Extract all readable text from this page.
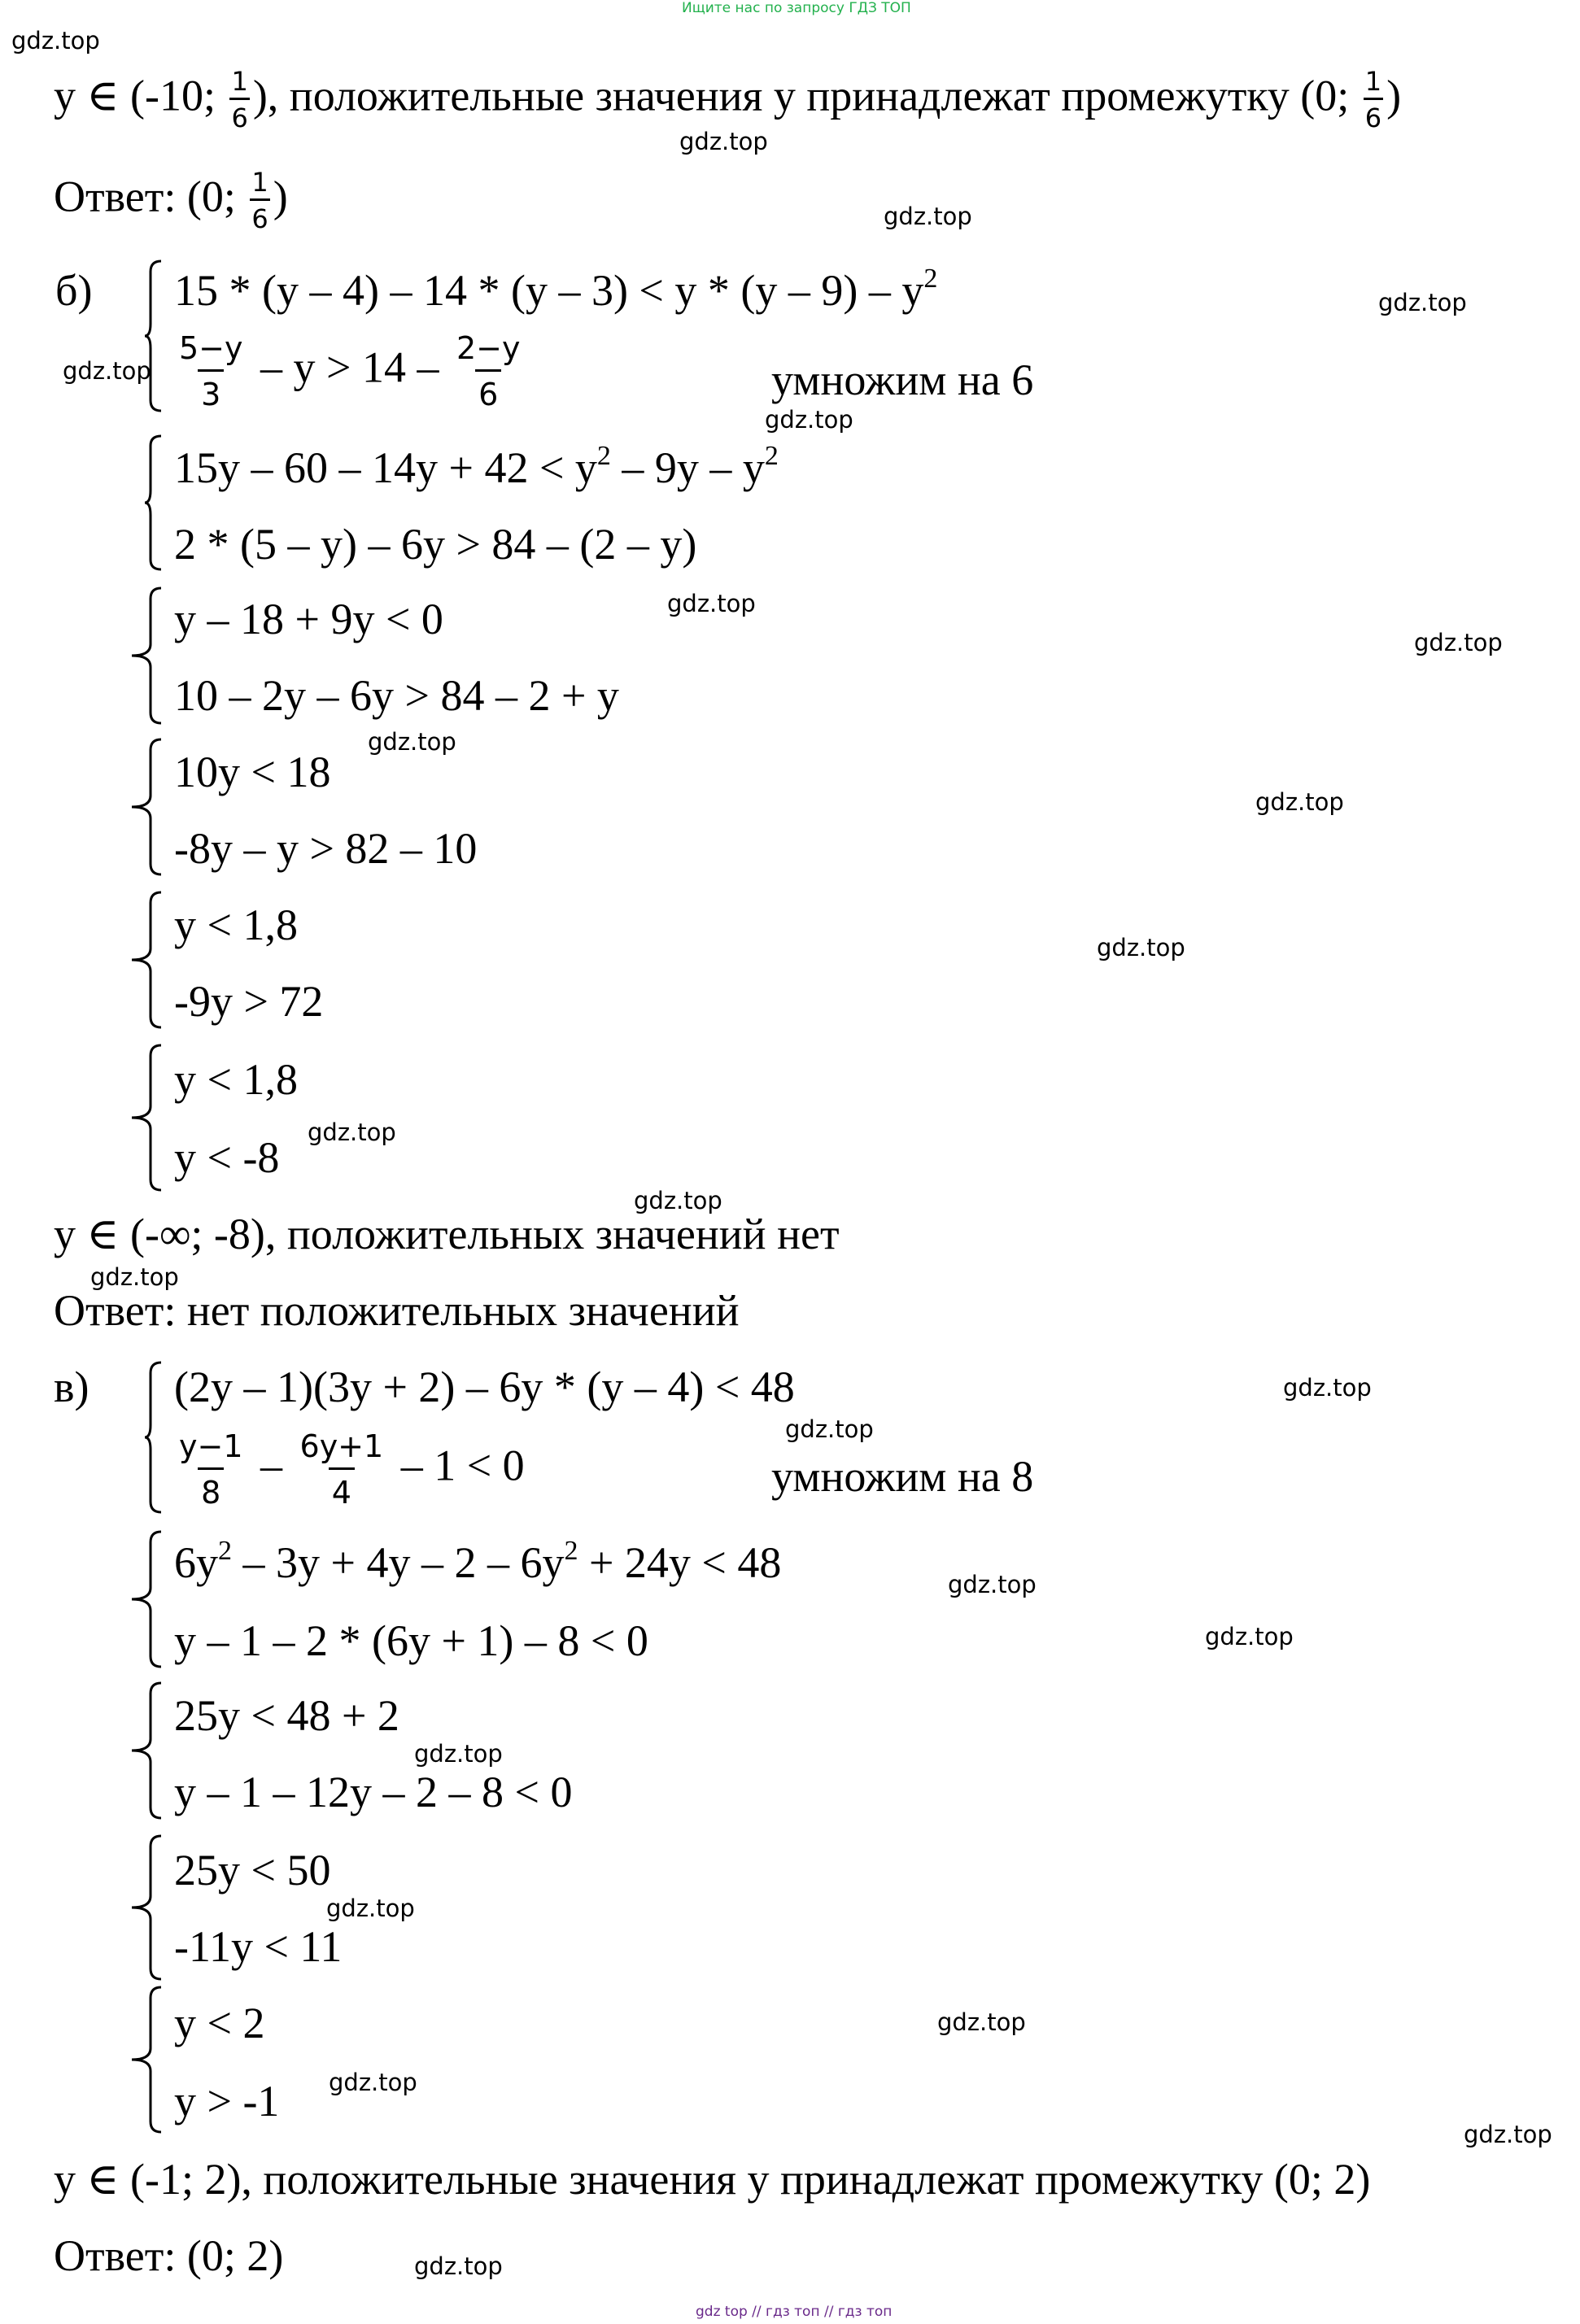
Ищите нас по запросу ГДЗ ТОП
gdz.top
gdz.top
gdz.top
gdz.top
gdz.top
gdz.top
gdz.top
gdz.top
gdz.top
gdz.top
gdz.top
gdz.top
gdz.top
gdz.top
gdz.top
gdz.top
gdz.top
gdz.top
gdz.top
gdz.top
gdz.top
gdz.top
gdz.top
gdz.top
y ∈ (-10; $\frac{1}{6}$ ), положительные значения y принадлежат промежутку (0; $\frac{1}{6}$ )
Ответ: (0; $\frac{1}{6}$ )
б) $15 * (y - 4) - 14 * (y - 3) < y * (y - 9) - y^2$
$\frac{5-y}{3} - y > 14 - \frac{2-y}{6}$	умножим на 6
$15y - 60 - 14y + 42 < y^2 - 9y - y^2$
2 * (5 – y) – 6y > 84 – (2 – y)
y – 18 + 9y < 0
10 – 2y – 6y > 84 – 2 + y
10y < 18
-8y – y > 82 – 10
y < 1,8
-9y > 72
y < 1,8
y < -8
y ∈ (-∞; -8), положительных значений нет
Ответ: нет положительных значений
в) (2y – 1)(3y + 2) – 6y * (y – 4) < 48
$\frac{y-1}{8} - \frac{6y+1}{4} - 1 < 0$	умножим на 8
$6y^2 - 3y + 4y - 2 - 6y^2 + 24y < 48$
y – 1 – 2 * (6y + 1) – 8 < 0
25y < 48 + 2
y – 1 – 12y – 2 – 8 < 0
25y < 50
-11y < 11
y < 2
y > -1
y ∈ (-1; 2), положительные значения y принадлежат промежутку (0; 2)
Ответ: (0; 2)
gdz top // гдз топ // гдз топ
